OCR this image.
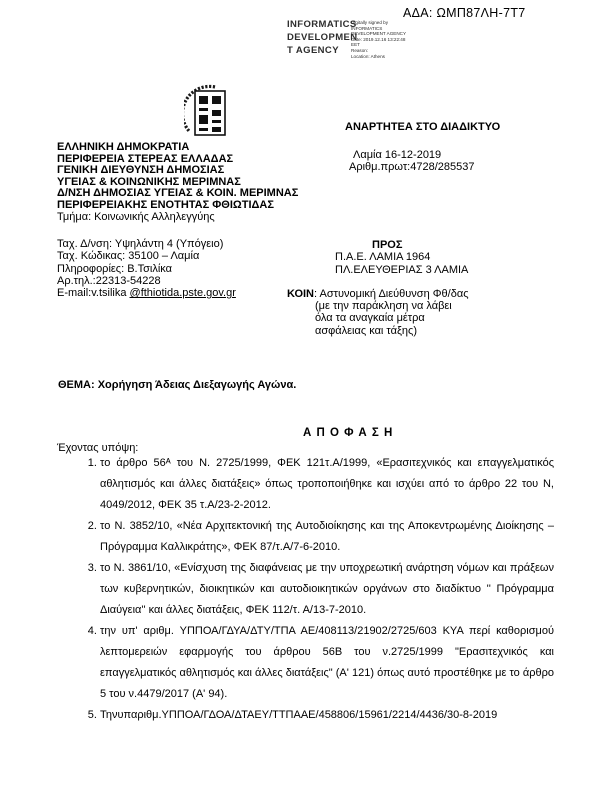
ΑΔΑ: ΩΜΠ87ΛΗ-7Τ7
INFORMATICS
DEVELOPMEN
T AGENCY
Digitally signed by
INFORMATICS
DEVELOPMENT AGENCY
Date: 2019.12.16 13:22:48
EET
Reason:
Location: Athens
ΕΛΛΗΝΙΚΗ ΔΗΜΟΚΡΑΤΙΑ
ΠΕΡΙΦΕΡΕΙΑ ΣΤΕΡΕΑΣ ΕΛΛΑΔΑΣ
ΓΕΝΙΚΗ ΔΙΕΥΘΥΝΣΗ ΔΗΜΟΣΙΑΣ
ΥΓΕΙΑΣ & ΚΟΙΝΩΝΙΚΗΣ ΜΕΡΙΜΝΑΣ
Δ/ΝΣΗ ΔΗΜΟΣΙΑΣ ΥΓΕΙΑΣ & ΚΟΙΝ. ΜΕΡΙΜΝΑΣ
ΠΕΡΙΦΕΡΕΙΑΚΗΣ ΕΝΟΤΗΤΑΣ ΦΘΙΩΤΙΔΑΣ
Τμήμα: Κοινωνικής Αλληλεγγύης
ΑΝΑΡΤΗΤΕΑ ΣΤΟ ΔΙΑΔΙΚΤΥΟ
Λαμία 16-12-2019
Αριθμ.πρωτ:4728/285537
Ταχ. Δ/νση: Υψηλάντη 4 (Υπόγειο)
Ταχ. Κώδικας: 35100 – Λαμία
Πληροφορίες: Β.Τσιλίκα
Αρ.τηλ.:22313-54228
E-mail:v.tsilika @fthiotida.pste.gov.gr
ΠΡΟΣ
Π.Α.Ε. ΛΑΜΙΑ 1964
ΠΛ.ΕΛΕΥΘΕΡΙΑΣ 3 ΛΑΜΙΑ
ΚΟΙΝ: Αστυνομική Διεύθυνση Φθ/δας
(με την παράκληση να λάβει
όλα τα αναγκαία μέτρα
ασφάλειας και τάξης)
ΘΕΜΑ: Χορήγηση Άδειας Διεξαγωγής Αγώνα.
Α Π Ο Φ Α Σ Η
Έχοντας υπόψη:
1. το άρθρο 56ᴬ του Ν. 2725/1999, ΦΕΚ 121τ.Α/1999, «Ερασιτεχνικός και επαγγελματικός αθλητισμός και άλλες διατάξεις» όπως τροποποιήθηκε και ισχύει από το άρθρο 22 του Ν, 4049/2012, ΦΕΚ 35 τ.Α/23-2-2012.
2. το Ν. 3852/10, «Νέα Αρχιτεκτονική της Αυτοδιοίκησης και της Αποκεντρωμένης Διοίκησης – Πρόγραμμα Καλλικράτης», ΦΕΚ 87/τ.Α/7-6-2010.
3. το Ν. 3861/10, «Ενίσχυση της διαφάνειας με την υποχρεωτική ανάρτηση νόμων και πράξεων των κυβερνητικών, διοικητικών και αυτοδιοικητικών οργάνων στο διαδίκτυο '' Πρόγραμμα Διαύγεια'' και άλλες διατάξεις, ΦΕΚ 112/τ. Α/13-7-2010.
4. την υπ' αριθμ. ΥΠΠΟΑ/ΓΔΥΑ/ΔΤΥ/ΤΠΑ ΑΕ/408113/21902/2725/603 ΚΥΑ περί καθορισμού λεπτομερειών εφαρμογής του άρθρου 56Β του ν.2725/1999 "Ερασιτεχνικός και επαγγελματικός αθλητισμός και άλλες διατάξεις" (Α' 121) όπως αυτό προστέθηκε με το άρθρο 5 του ν.4479/2017 (Α' 94).
5. Τηνυπαριθμ.ΥΠΠΟΑ/ΓΔΟΑ/ΔΤΑΕΥ/ΤΤΠΑΑΕ/458806/15961/2214/4436/30-8-2019
